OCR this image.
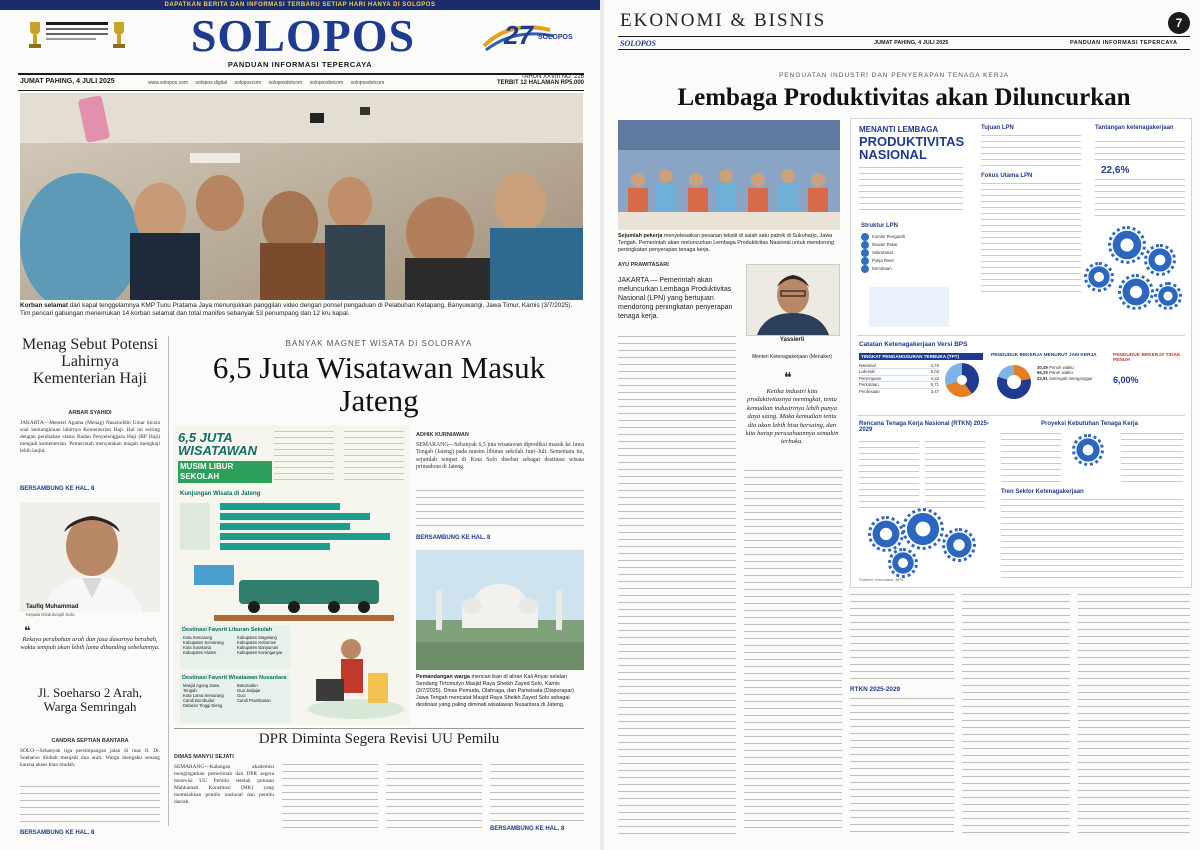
DAPATKAN BERITA DAN INFORMASI TERBARU SETIAP HARI HANYA DI SOLOPOS
SOLOPOS
PANDUAN INFORMASI TEPERCAYA
27 SOLOPOS
JUMAT PAHING, 4 JULI 2025	www.solopos.com solopos.digital soloposcom soloposdotcom soloposdotcom soloposdotcom
TAHUN XXVIII NO. 226
TERBIT 12 HALAMAN RP5.000
Korban selamat dari kapal tenggelamnya KMP Tunu Pratama Jaya menunjukkan panggilan video dengan ponsel pengaduan di Pelabuhan Ketapang, Banyuwangi, Jawa Timur, Kamis (3/7/2025). Tim pencari gabungan menemukan 14 korban selamat dan total manifes sebanyak 53 penumpang dan 12 kru kapal.
Antara/Budi Candra Setya
Menag Sebut Potensi Lahirnya Kementerian Haji
ARBAR SYAHIDI
JAKARTA—Menteri Agama (Menag) Nasaruddin Umar bicara soal kemungkinan lahirnya Kementerian Haji. Hal ini seiring dengan perubahan status Badan Penyelenggara Haji (BP Haji) menjadi kementerian. Pemerintah menyatakan tengah mengkaji lebih lanjut.
BERSAMBUNG KE HAL. 8
Taufiq Muhammad
Kepala Disdukcapil Solo
❝
Rekaya perubahan arah dan jasa dasarnya berubah, waktu tempuh akan lebih lama dibanding sebelumnya.
Jl. Soeharso 2 Arah, Warga Semringah
CANDRA SEPTIAN BANTARA
SOLO—Sebanyak tiga persimpangan jalan di ruas Jl. Dr. Soeharso diubah menjadi dua arah. Warga mengaku senang karena akses kian mudah.
BERSAMBUNG KE HAL. 8
BANYAK MAGNET WISATA DI SOLORAYA
6,5 Juta Wisatawan Masuk Jateng
6,5 JUTA WISATAWAN
MUSIM LIBUR SEKOLAH
Kunjungan Wisata di Jateng
Destinasi Favorit Liburan Sekolah
Kota Semarang
Kabupaten Semarang
Kota Surakarta
Kabupaten Klaten
Kabupaten Magelang
Kabupaten Kebumen
Kabupaten Banyumas
Kabupaten Karanganyar
Destinasi Favorit Wisatawan Nusantara
Masjid Agung Jawa Tengah
Kota Lama Semarang
Candi Borobudur
Dataran Tinggi Dieng
Baturraden
Gua Jatijajar
Guci
Candi Prambanan
ADHIK KURNIAWAN
SEMARANG—Sebanyak 6,5 juta wisatawan diprediksi masuk ke Jawa Tengah (Jateng) pada musim liburan sekolah Juni–Juli. Sementara itu, sejumlah tempat di Kota Solo disebut sebagai destinasi wisata primadona di Jateng.
BERSAMBUNG KE HAL. 8
Pemandangan warga mencari ikan di aliran Kali Anyar selatan Sendang Tirtomulyo Masjid Raya Sheikh Zayed Solo, Kamis (3/7/2025). Dinas Pemuda, Olahraga, dan Pariwisata (Disporapar) Jawa Tengah mencatat Masjid Raya Sheikh Zayed Solo sebagai destinasi yang paling diminati wisatawan Nusantara di Jateng.
DPR Diminta Segera Revisi UU Pemilu
DIMAS MANYU SEJATI
SEMARANG—Kalangan akademisi mengingatkan pemerintah dan DPR segera merevisi UU Pemilu setelah putusan Mahkamah Konstitusi (MK) yang memisahkan pemilu nasional dan pemilu daerah.
BERSAMBUNG KE HAL. 8
EKONOMI & BISNIS	7
SOLOPOS	JUMAT PAHING, 4 JULI 2025	PANDUAN INFORMASI TEPERCAYA
PENGUATAN INDUSTRI DAN PENYERAPAN TENAGA KERJA
Lembaga Produktivitas akan Diluncurkan
Sejumlah pekerja menyelesaikan pesanan tekstil di salah satu pabrik di Sukoharjo, Jawa Tengah. Pemerintah akan meluncurkan Lembaga Produktivitas Nasional untuk mendorong peningkatan penyerapan tenaga kerja.
AYU PRAWITASARI
JAKARTA — Pemerintah akan meluncurkan Lembaga Produktivitas Nasional (LPN) yang bertujuan mendorong peningkatan penyerapan tenaga kerja.
Yassierli
Menteri Ketenagakerjaan (Menaker)
❝
Ketika industri kita produktivitasnya meningkat, tentu kemudian industrinya lebih punya daya saing. Maka kemudian tentu dia akan lebih bisa bersaing, dan kita harap perusahaannya semakin terbuka.
MENANTI LEMBAGA
PRODUKTIVITAS NASIONAL
Struktur LPN
Komite Pengarah
Dewan Pakar
Sekretariat
Pokja Riset
Kemitraan
Tujuan LPN
Fokus Utama LPN
Tantangan ketenagakerjaan
22,6%
Catatan Ketenagakerjaan Versi BPS
TINGKAT PENGANGGURAN TERBUKA (TPT)
Nasional	4,76
Laki-laki	5,03
Perempuan	4,34
Perkotaan	5,71
Perdesaan	3,47
PENDUDUK BEKERJA MENURUT JAM KERJA
30,49 Penuh waktu
66,29 Paruh waktu
23,91 Setengah menganggur
PENDUDUK BEKERJA TIDAK PENUH
6,00%
Rencana Tenaga Kerja Nasional (RTKN) 2025-2029
Proyeksi Kebutuhan Tenaga Kerja
Tren Sektor Ketenagakerjaan
Sumber: Kemnaker, BPS
RTKN 2025-2029
